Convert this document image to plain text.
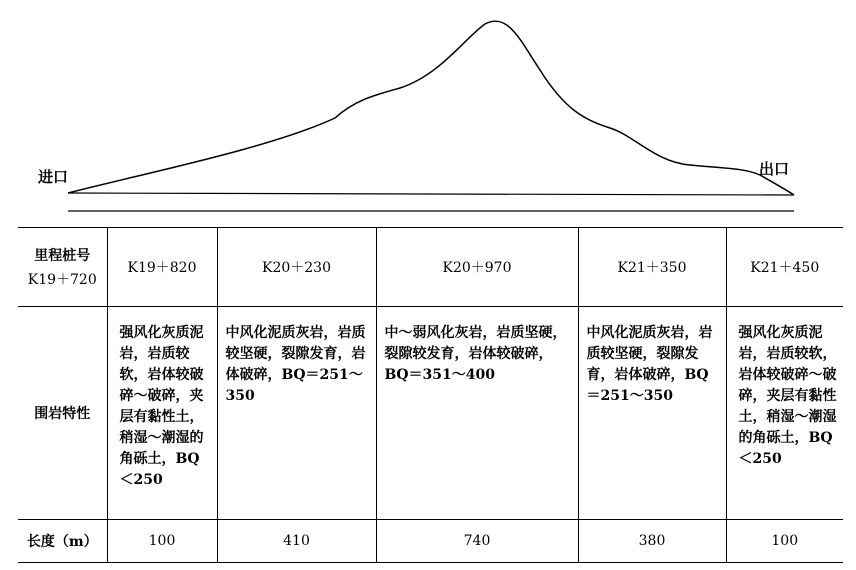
进口	出口
里程桩号
K19＋720	K19＋820	K20＋230	K20＋970	K21＋350	K21＋450
围岩特性	强风化灰质泥岩，岩质较软，岩体较破碎～破碎，夹层有黏性土，稍湿～潮湿的角砾土，BQ＜250	中风化泥质灰岩，岩质较坚硬，裂隙发育，岩体破碎，BQ＝251～350	中～弱风化灰岩，岩质坚硬，裂隙较发育，岩体较破碎，BQ＝351～400	中风化泥质灰岩，岩质较坚硬，裂隙发育，岩体破碎，BQ＝251～350	强风化灰质泥岩，岩质较软，岩体较破碎～破碎，夹层有黏性土，稍湿～潮湿的角砾土，BQ＜250

长度（m）	100	410	740	380	100
